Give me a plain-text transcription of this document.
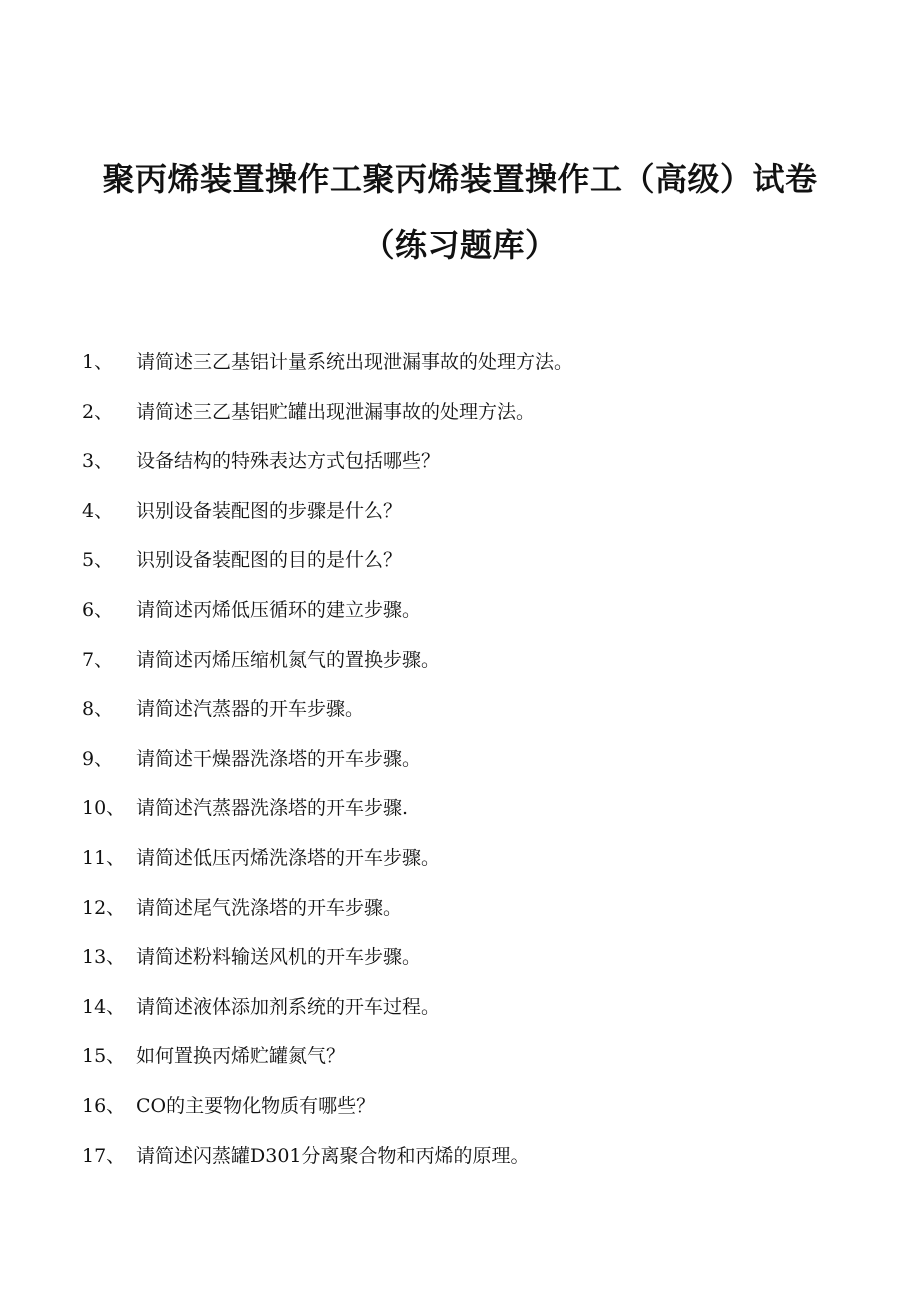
聚丙烯装置操作工聚丙烯装置操作工（高级）试卷
（练习题库）
1、 请简述三乙基铝计量系统出现泄漏事故的处理方法。
2、 请简述三乙基铝贮罐出现泄漏事故的处理方法。
3、 设备结构的特殊表达方式包括哪些？
4、 识别设备装配图的步骤是什么？
5、 识别设备装配图的目的是什么？
6、 请简述丙烯低压循环的建立步骤。
7、 请简述丙烯压缩机氮气的置换步骤。
8、 请简述汽蒸器的开车步骤。
9、 请简述干燥器洗涤塔的开车步骤。
10、 请简述汽蒸器洗涤塔的开车步骤.
11、 请简述低压丙烯洗涤塔的开车步骤。
12、 请简述尾气洗涤塔的开车步骤。
13、 请简述粉料输送风机的开车步骤。
14、 请简述液体添加剂系统的开车过程。
15、 如何置换丙烯贮罐氮气？
16、 CO的主要物化物质有哪些？
17、 请简述闪蒸罐D301分离聚合物和丙烯的原理。
